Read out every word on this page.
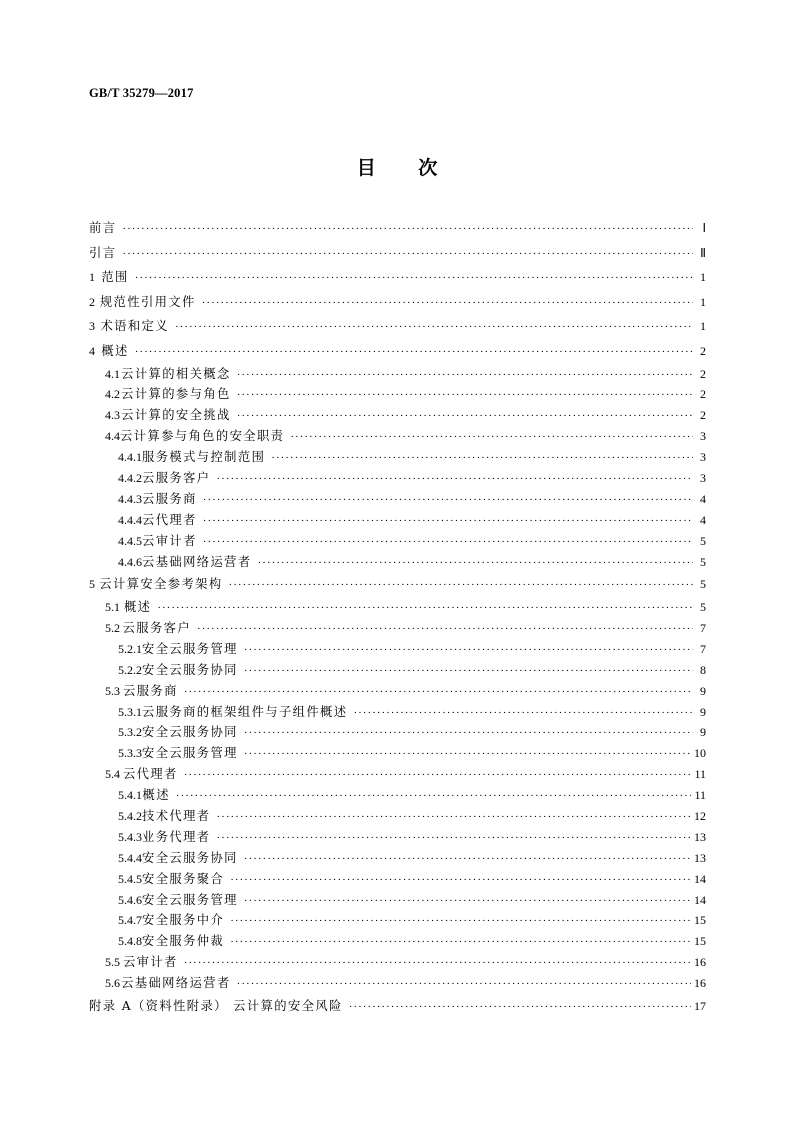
GB/T 35279—2017
目 次
前言 ·····	Ⅰ
引言 ·····	Ⅱ
1 范围 ·····	1
2 规范性引用文件 ·····	1
3 术语和定义 ·····	1
4 概述 ·····	2
4.1 云计算的相关概念 ·····	2
4.2 云计算的参与角色 ·····	2
4.3 云计算的安全挑战 ·····	2
4.4 云计算参与角色的安全职责 ·····	3
4.4.1 服务模式与控制范围 ·····	3
4.4.2 云服务客户 ·····	3
4.4.3 云服务商 ·····	4
4.4.4 云代理者 ·····	4
4.4.5 云审计者 ·····	5
4.4.6 云基础网络运营者 ·····	5
5 云计算安全参考架构 ·····	5
5.1 概述 ·····	5
5.2 云服务客户 ·····	7
5.2.1 安全云服务管理 ·····	7
5.2.2 安全云服务协同 ·····	8
5.3 云服务商 ·····	9
5.3.1 云服务商的框架组件与子组件概述 ·····	9
5.3.2 安全云服务协同 ·····	9
5.3.3 安全云服务管理 ·····	10
5.4 云代理者 ·····	11
5.4.1 概述 ·····	11
5.4.2 技术代理者 ·····	12
5.4.3 业务代理者 ·····	13
5.4.4 安全云服务协同 ·····	13
5.4.5 安全服务聚合 ·····	14
5.4.6 安全云服务管理 ·····	14
5.4.7 安全服务中介 ·····	15
5.4.8 安全服务仲裁 ·····	15
5.5 云审计者 ·····	16
5.6 云基础网络运营者 ·····	16
附录 A（资料性附录） 云计算的安全风险 ·····	17
